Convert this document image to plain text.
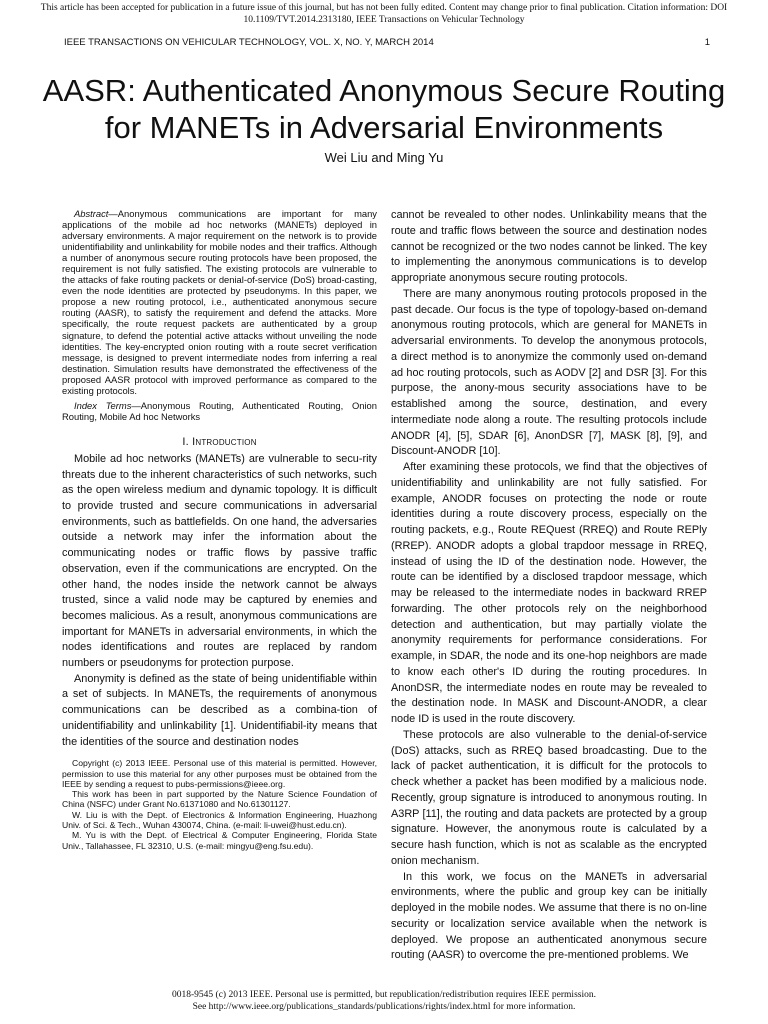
This article has been accepted for publication in a future issue of this journal, but has not been fully edited. Content may change prior to final publication. Citation information: DOI
10.1109/TVT.2014.2313180, IEEE Transactions on Vehicular Technology
IEEE TRANSACTIONS ON VEHICULAR TECHNOLOGY, VOL. X, NO. Y, MARCH 2014	1
AASR: Authenticated Anonymous Secure Routing
for MANETs in Adversarial Environments
Wei Liu and Ming Yu

Abstract—Anonymous communications are important for many applications of the mobile ad hoc networks (MANETs) deployed in adversary environments. A major requirement on the network is to provide unidentifiability and unlinkability for mobile nodes and their traffics. Although a number of anonymous secure routing protocols have been proposed, the requirement is not fully satisfied. The existing protocols are vulnerable to the attacks of fake routing packets or denial-of-service (DoS) broad-casting, even the node identities are protected by pseudonyms. In this paper, we propose a new routing protocol, i.e., authenticated anonymous secure routing (AASR), to satisfy the requirement and defend the attacks. More specifically, the route request packets are authenticated by a group signature, to defend the potential active attacks without unveiling the node identities. The key-encrypted onion routing with a route secret verification message, is designed to prevent intermediate nodes from inferring a real destination. Simulation results have demonstrated the effectiveness of the proposed AASR protocol with improved performance as compared to the existing protocols.

Index Terms—Anonymous Routing, Authenticated Routing, Onion Routing, Mobile Ad hoc Networks

I. Introduction

Mobile ad hoc networks (MANETs) are vulnerable to secu-rity threats due to the inherent characteristics of such networks, such as the open wireless medium and dynamic topology. It is difficult to provide trusted and secure communications in adversarial environments, such as battlefields. On one hand, the adversaries outside a network may infer the information about the communicating nodes or traffic flows by passive traffic observation, even if the communications are encrypted. On the other hand, the nodes inside the network cannot be always trusted, since a valid node may be captured by enemies and becomes malicious. As a result, anonymous communications are important for MANETs in adversarial environments, in which the nodes identifications and routes are replaced by random numbers or pseudonyms for protection purpose.

Anonymity is defined as the state of being unidentifiable within a set of subjects. In MANETs, the requirements of anonymous communications can be described as a combina-tion of unidentifiability and unlinkability [1]. Unidentifiabil-ity means that the identities of the source and destination nodes

Copyright (c) 2013 IEEE. Personal use of this material is permitted. However, permission to use this material for any other purposes must be obtained from the IEEE by sending a request to pubs-permissions@ieee.org.

This work has been in part supported by the Nature Science Foundation of China (NSFC) under Grant No.61371080 and No.61301127.

W. Liu is with the Dept. of Electronics & Information Engineering, Huazhong Univ. of Sci. & Tech., Wuhan 430074, China. (e-mail: li-uwei@hust.edu.cn).

M. Yu is with the Dept. of Electrical & Computer Engineering, Florida State Univ., Tallahassee, FL 32310, U.S. (e-mail: mingyu@eng.fsu.edu).

cannot be revealed to other nodes. Unlinkability means that the route and traffic flows between the source and destination nodes cannot be recognized or the two nodes cannot be linked. The key to implementing the anonymous communications is to develop appropriate anonymous secure routing protocols.

There are many anonymous routing protocols proposed in the past decade. Our focus is the type of topology-based on-demand anonymous routing protocols, which are general for MANETs in adversarial environments. To develop the anonymous protocols, a direct method is to anonymize the commonly used on-demand ad hoc routing protocols, such as AODV [2] and DSR [3]. For this purpose, the anony-mous security associations have to be established among the source, destination, and every intermediate node along a route. The resulting protocols include ANODR [4], [5], SDAR [6], AnonDSR [7], MASK [8], [9], and Discount-ANODR [10].

After examining these protocols, we find that the objectives of unidentifiability and unlinkability are not fully satisfied. For example, ANODR focuses on protecting the node or route identities during a route discovery process, especially on the routing packets, e.g., Route REQuest (RREQ) and Route REPly (RREP). ANODR adopts a global trapdoor message in RREQ, instead of using the ID of the destination node. However, the route can be identified by a disclosed trapdoor message, which may be released to the intermediate nodes in backward RREP forwarding. The other protocols rely on the neighborhood detection and authentication, but may partially violate the anonymity requirements for performance considerations. For example, in SDAR, the node and its one-hop neighbors are made to know each other's ID during the routing procedures. In AnonDSR, the intermediate nodes en route may be revealed to the destination node. In MASK and Discount-ANODR, a clear node ID is used in the route discovery.

These protocols are also vulnerable to the denial-of-service (DoS) attacks, such as RREQ based broadcasting. Due to the lack of packet authentication, it is difficult for the protocols to check whether a packet has been modified by a malicious node. Recently, group signature is introduced to anonymous routing. In A3RP [11], the routing and data packets are protected by a group signature. However, the anonymous route is calculated by a secure hash function, which is not as scalable as the encrypted onion mechanism.

In this work, we focus on the MANETs in adversarial environments, where the public and group key can be initially deployed in the mobile nodes. We assume that there is no on-line security or localization service available when the network is deployed. We propose an authenticated anonymous secure routing (AASR) to overcome the pre-mentioned problems. We

0018-9545 (c) 2013 IEEE. Personal use is permitted, but republication/redistribution requires IEEE permission.
See http://www.ieee.org/publications_standards/publications/rights/index.html for more information.
